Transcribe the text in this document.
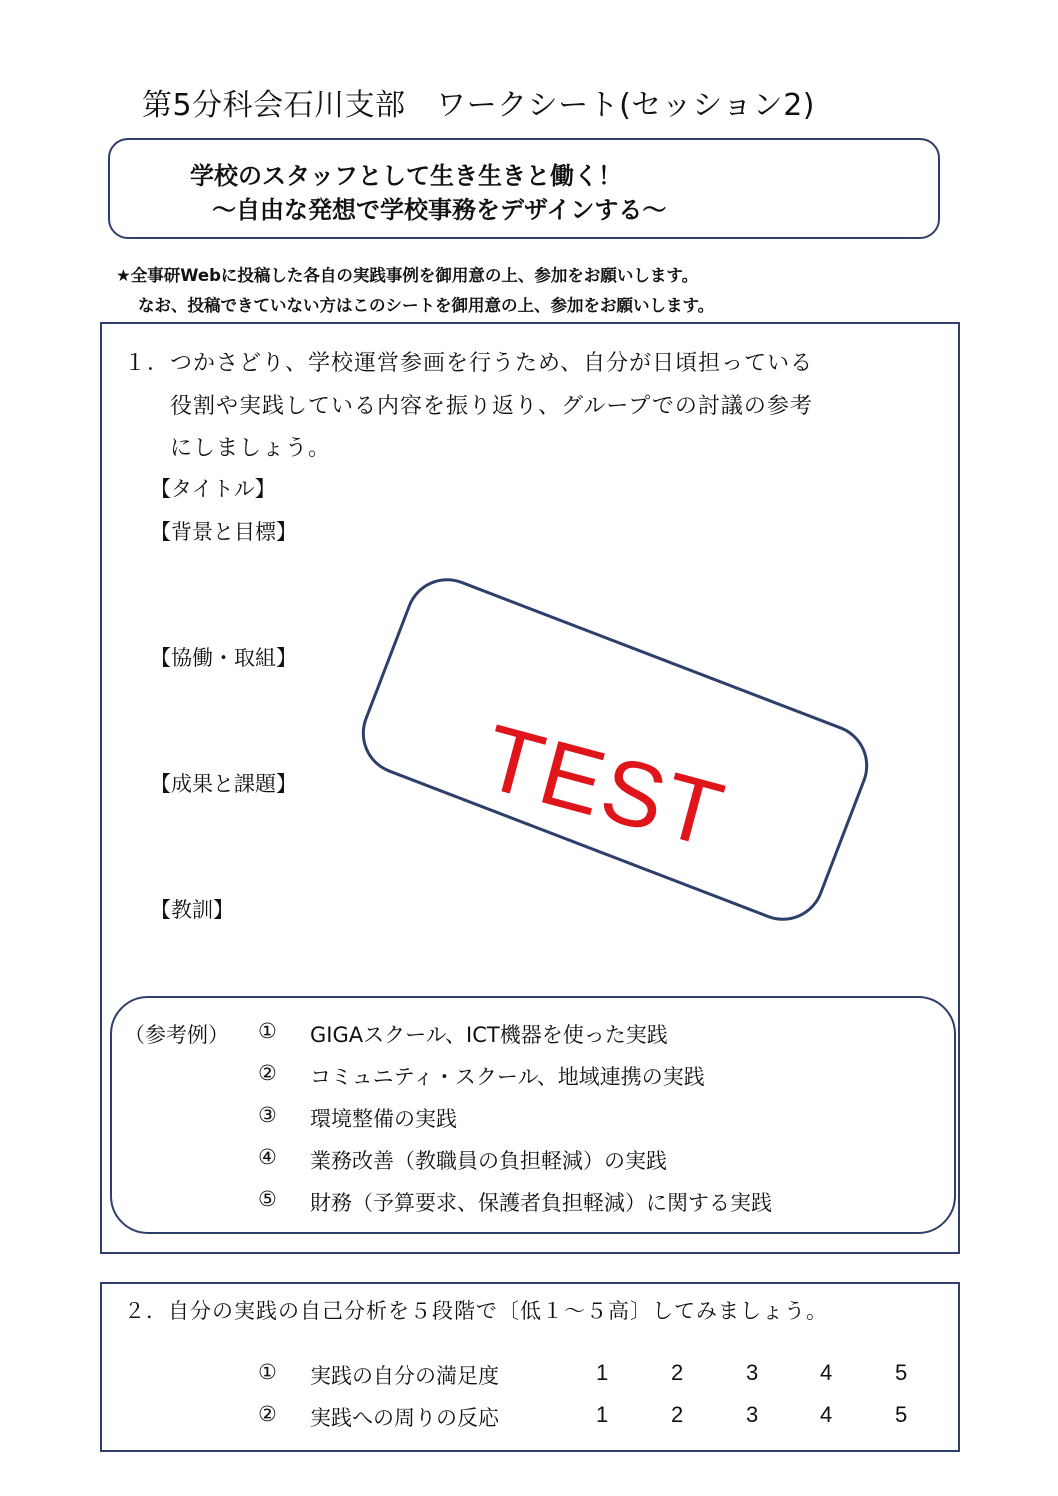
第5分科会石川支部　ワークシート(セッション2)
学校のスタッフとして生き生きと働く！
～自由な発想で学校事務をデザインする～
★全事研Webに投稿した各自の実践事例を御用意の上、参加をお願いします。
なお、投稿できていない方はこのシートを御用意の上、参加をお願いします。
１．つかさどり、学校運営参画を行うため、自分が日頃担っている
役割や実践している内容を振り返り、グループでの討議の参考
にしましょう。
【タイトル】
【背景と目標】
【協働・取組】
【成果と課題】
【教訓】
TEST
（参考例） ① GIGAスクール、ICT機器を使った実践
② コミュニティ・スクール、地域連携の実践
③ 環境整備の実践
④ 業務改善（教職員の負担軽減）の実践
⑤ 財務（予算要求、保護者負担軽減）に関する実践
２．自分の実践の自己分析を５段階で〔低１～５高〕してみましょう。
① 実践の自分の満足度	1	2	3	4	5
② 実践への周りの反応	1	2	3	4	5
